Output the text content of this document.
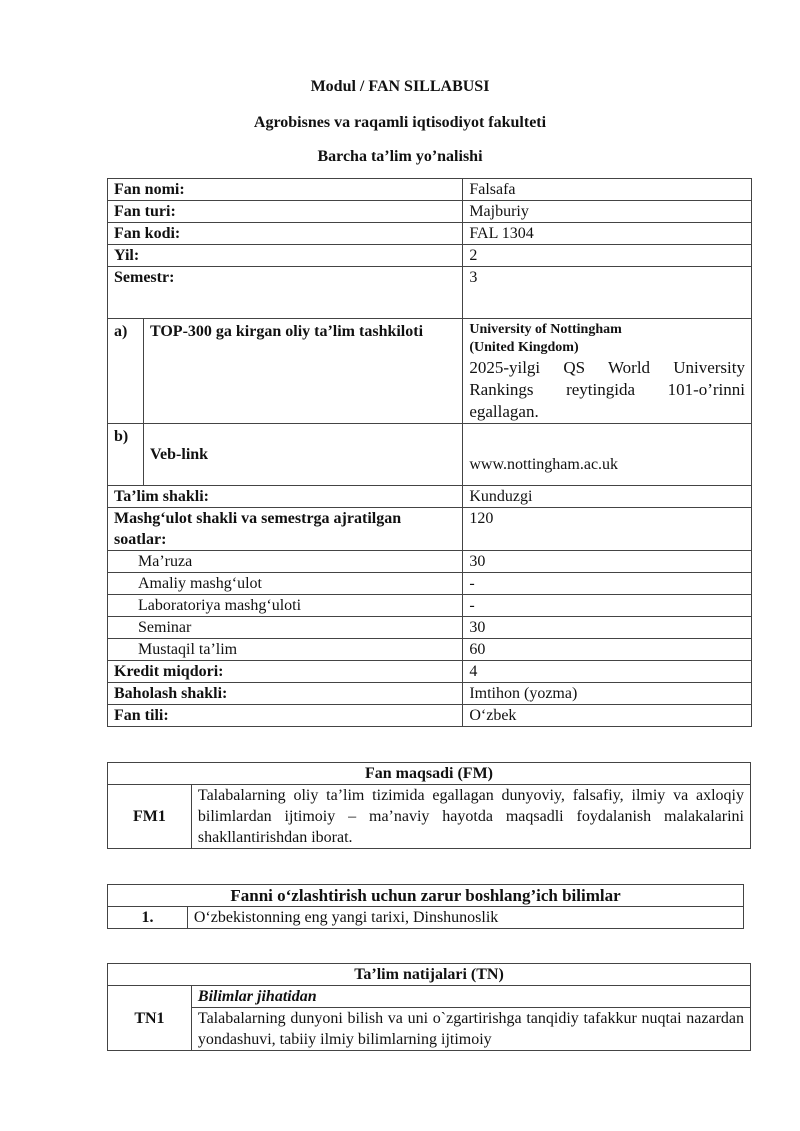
Modul / FAN SILLABUSI
Agrobisnes va raqamli iqtisodiyot fakulteti
Barcha ta’lim yo’nalishi
Fan nomi:		Falsafa
Fan turi:		Majburiy
Fan kodi:		FAL 1304
Yil:		2
Semestr:		3
a)	TOP-300 ga kirgan oliy ta’lim tashkiloti	University of Nottingham
(United Kingdom)
2025-yilgi QS World University Rankings reytingida 101-o’rinni egallagan.

b)	Veb-link	www.nottingham.ac.uk
Ta’lim shakli:		Kunduzgi
Mashg‘ulot shakli va semestrga ajratilgan soatlar:		120
Ma’ruza		30
Amaliy mashg‘ulot		-
Laboratoriya mashg‘uloti		-
Seminar		30
Mustaqil ta’lim		60
Kredit miqdori:		4
Baholash shakli:		Imtihon (yozma)
Fan tili:		O‘zbek
Fan maqsadi (FM)
FM1	Talabalarning oliy ta’lim tizimida egallagan dunyoviy, falsafiy, ilmiy va axloqiy bilimlardan ijtimoiy – ma’naviy hayotda maqsadli foydalanish malakalarini shakllantirishdan iborat.
Fanni o‘zlashtirish uchun zarur boshlang’ich bilimlar
1.	O‘zbekistonning eng yangi tarixi, Dinshunoslik
Ta’lim natijalari (TN)
TN1	Bilimlar jihatidan
Talabalarning dunyoni bilish va uni o`zgartirishga tanqidiy tafakkur nuqtai nazardan yondashuvi, tabiiy ilmiy bilimlarning ijtimoiy
